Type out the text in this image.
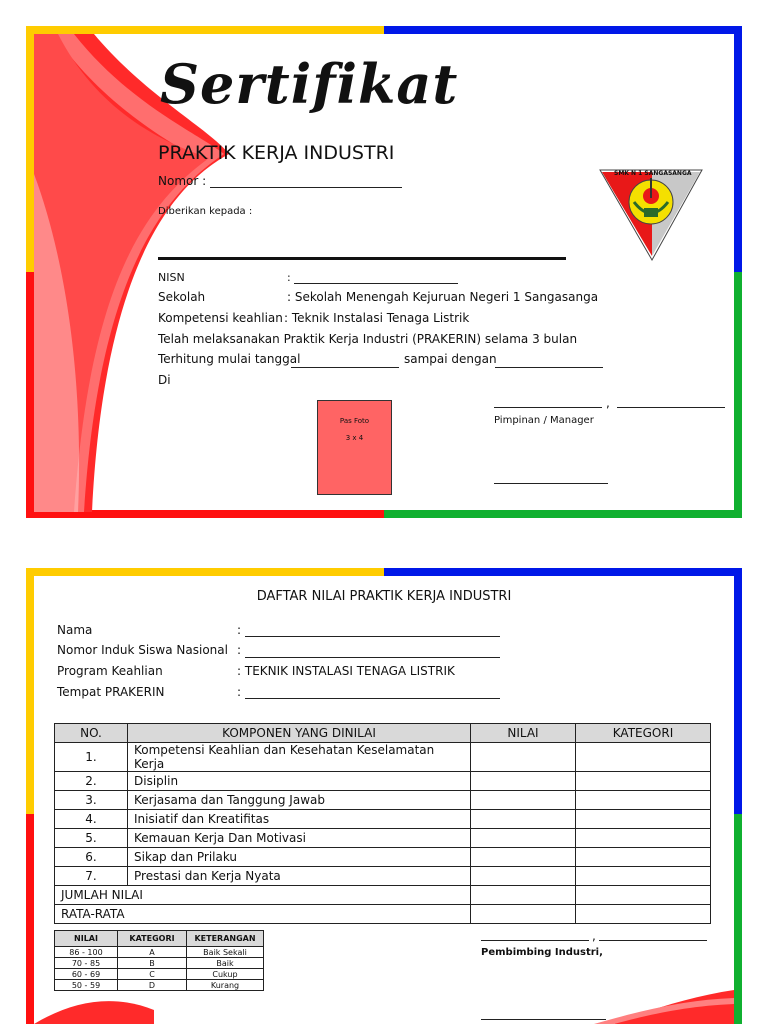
Sertifikat
PRAKTIK KERJA INDUSTRI
Nomor :
Diberikan kepada :
NISN	:
Sekolah	: Sekolah Menengah Kejuruan Negeri 1 Sangasanga
Kompetensi keahlian : Teknik Instalasi Tenaga Listrik
Telah melaksanakan Praktik Kerja Industri (PRAKERIN) selama 3 bulan
Terhitung mulai tanggal	sampai dengan
Di
Pas Foto
3 x 4
,
Pimpinan / Manager
SMK N 1 SANGASANGA
DAFTAR NILAI PRAKTIK KERJA INDUSTRI
Nama	:
Nomor Induk Siswa Nasional :
Program Keahlian	: TEKNIK INSTALASI TENAGA LISTRIK
Tempat PRAKERIN	:
NO.	KOMPONEN YANG DINILAI	NILAI	KATEGORI
1.	Kompetensi Keahlian dan Kesehatan Keselamatan Kerja		
2.	Disiplin		
3.	Kerjasama dan Tanggung Jawab		
4.	Inisiatif dan Kreatifitas		
5.	Kemauan Kerja Dan Motivasi		
6.	Sikap dan Prilaku		
7.	Prestasi dan Kerja Nyata		
JUMLAH NILAI			
RATA-RATA			
NILAI	KATEGORI	KETERANGAN
86 - 100	A	Baik Sekali
70 - 85	B	Baik
60 - 69	C	Cukup
50 - 59	D	Kurang
,
Pembimbing Industri,
